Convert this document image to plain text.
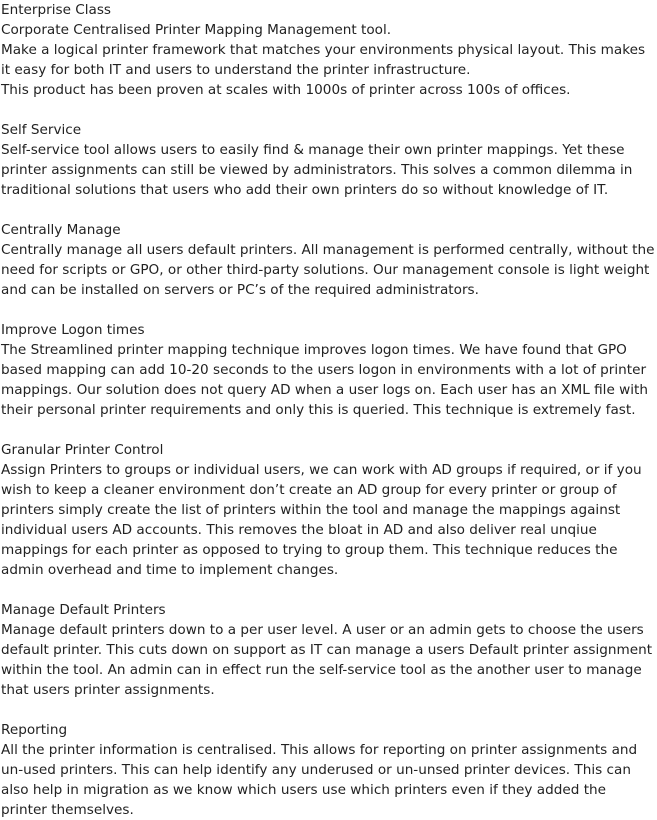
Enterprise Class

Corporate Centralised Printer Mapping Management tool.

Make a logical printer framework that matches your environments physical layout. This makes it easy for both IT and users to understand the printer infrastructure.

This product has been proven at scales with 1000s of printer across 100s of offices.

Self Service

Self-service tool allows users to easily find & manage their own printer mappings. Yet these printer assignments can still be viewed by administrators. This solves a common dilemma in traditional solutions that users who add their own printers do so without knowledge of IT.

Centrally Manage

Centrally manage all users default printers. All management is performed centrally, without the need for scripts or GPO, or other third-party solutions. Our management console is light weight and can be installed on servers or PC’s of the required administrators.

Improve Logon times

The Streamlined printer mapping technique improves logon times. We have found that GPO based mapping can add 10-20 seconds to the users logon in environments with a lot of printer mappings. Our solution does not query AD when a user logs on. Each user has an XML file with their personal printer requirements and only this is queried. This technique is extremely fast.

Granular Printer Control

Assign Printers to groups or individual users, we can work with AD groups if required, or if you wish to keep a cleaner environment don’t create an AD group for every printer or group of printers simply create the list of printers within the tool and manage the mappings against individual users AD accounts. This removes the bloat in AD and also deliver real unqiue mappings for each printer as opposed to trying to group them. This technique reduces the admin overhead and time to implement changes.

Manage Default Printers

Manage default printers down to a per user level. A user or an admin gets to choose the users default printer. This cuts down on support as IT can manage a users Default printer assignment within the tool. An admin can in effect run the self-service tool as the another user to manage that users printer assignments.

Reporting

All the printer information is centralised. This allows for reporting on printer assignments and un-used printers. This can help identify any underused or un-unsed printer devices. This can also help in migration as we know which users use which printers even if they added the printer themselves.
